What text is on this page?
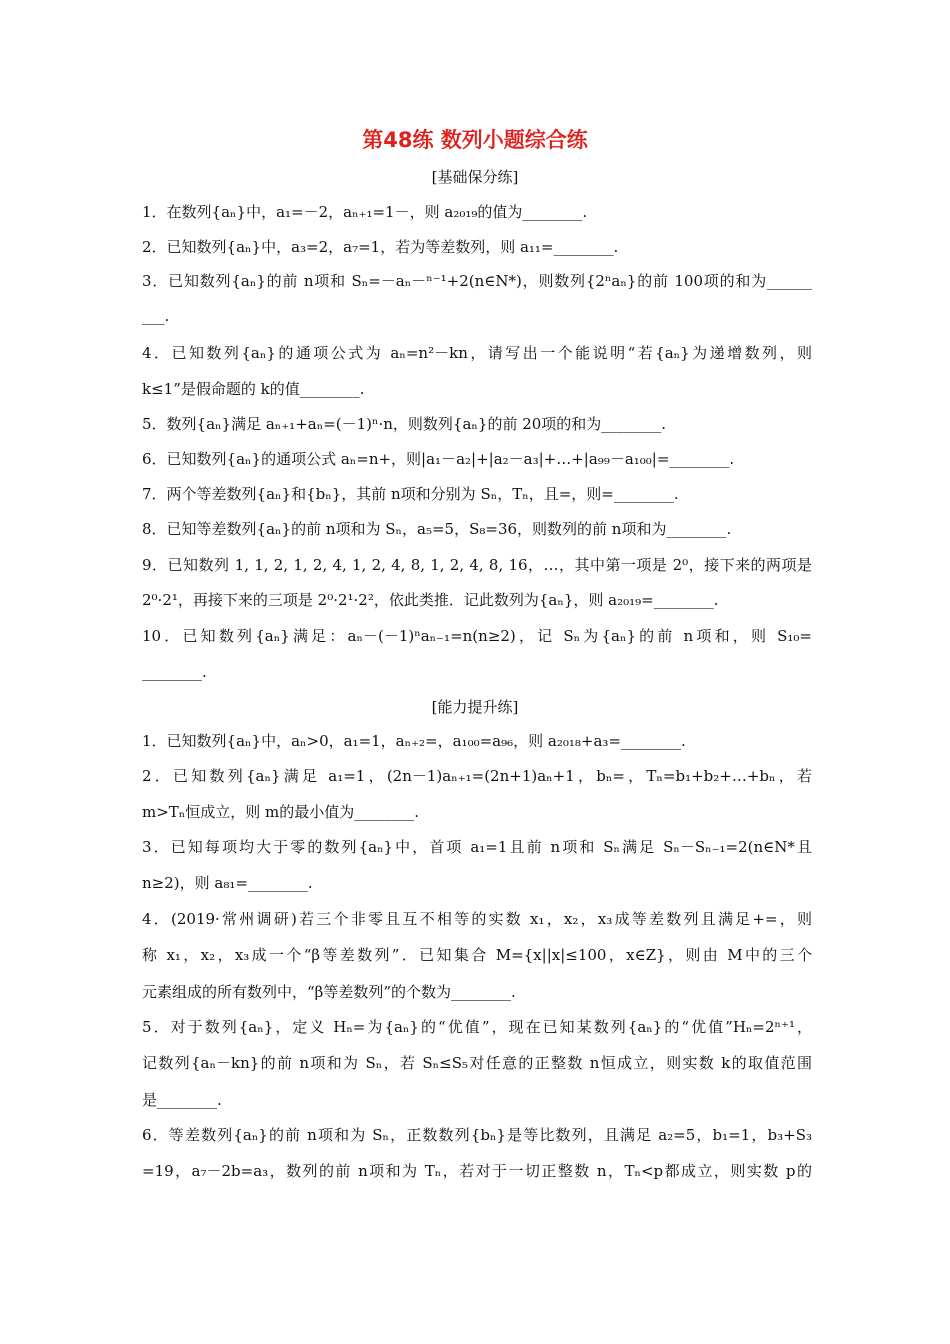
第48练 数列小题综合练
[基础保分练]
1．在数列{aₙ}中，a₁=－2，aₙ₊₁=1－，则 a₂₀₁₉的值为________.
2．已知数列{aₙ}中，a₃=2，a₇=1，若为等差数列，则 a₁₁=________.
3．已知数列{aₙ}的前 n项和 Sₙ=－aₙ－ⁿ⁻¹+2(n∈N*)，则数列{2ⁿaₙ}的前 100项的和为______
___.
4．已知数列{aₙ}的通项公式为 aₙ=n²－kn，请写出一个能说明“若{aₙ}为递增数列，则
k≤1”是假命题的 k的值________.
5．数列{aₙ}满足 aₙ₊₁+aₙ=(－1)ⁿ·n，则数列{aₙ}的前 20项的和为________.
6．已知数列{aₙ}的通项公式 aₙ=n+，则|a₁－a₂|+|a₂－a₃|+…+|a₉₉－a₁₀₀|=________.
7．两个等差数列{aₙ}和{bₙ}，其前 n项和分别为 Sₙ，Tₙ，且=，则=________.
8．已知等差数列{aₙ}的前 n项和为 Sₙ，a₅=5，S₈=36，则数列的前 n项和为________.
9．已知数列 1, 1, 2, 1, 2, 4, 1, 2, 4, 8, 1, 2, 4, 8, 16，…，其中第一项是 2⁰，接下来的两项是
2⁰·2¹，再接下来的三项是 2⁰·2¹·2²，依此类推．记此数列为{aₙ}，则 a₂₀₁₉=________.
10．已知数列{aₙ}满足：aₙ－(－1)ⁿaₙ₋₁=n(n≥2)，记 Sₙ为{aₙ}的前 n项和，则 S₁₀=
________.
[能力提升练]
1．已知数列{aₙ}中，aₙ>0，a₁=1，aₙ₊₂=，a₁₀₀=a₉₆，则 a₂₀₁₈+a₃=________.
2．已知数列{aₙ}满足 a₁=1，(2n－1)aₙ₊₁=(2n+1)aₙ+1，bₙ=，Tₙ=b₁+b₂+…+bₙ，若
m>Tₙ恒成立，则 m的最小值为________.
3．已知每项均大于零的数列{aₙ}中，首项 a₁=1且前 n项和 Sₙ满足 Sₙ－Sₙ₋₁=2(n∈N*且
n≥2)，则 a₈₁=________.
4．(2019·常州调研)若三个非零且互不相等的实数 x₁，x₂，x₃成等差数列且满足+=，则
称 x₁，x₂，x₃成一个“β等差数列”．已知集合 M={x||x|≤100，x∈Z}，则由 M中的三个
元素组成的所有数列中，“β等差数列”的个数为________.
5．对于数列{aₙ}，定义 Hₙ=为{aₙ}的“优值”，现在已知某数列{aₙ}的“优值”Hₙ=2ⁿ⁺¹，
记数列{aₙ－kn}的前 n项和为 Sₙ，若 Sₙ≤S₅对任意的正整数 n恒成立，则实数 k的取值范围
是________.
6．等差数列{aₙ}的前 n项和为 Sₙ，正数数列{bₙ}是等比数列，且满足 a₂=5，b₁=1，b₃+S₃
=19，a₇－2b=a₃，数列的前 n项和为 Tₙ，若对于一切正整数 n，Tₙ<p都成立，则实数 p的
